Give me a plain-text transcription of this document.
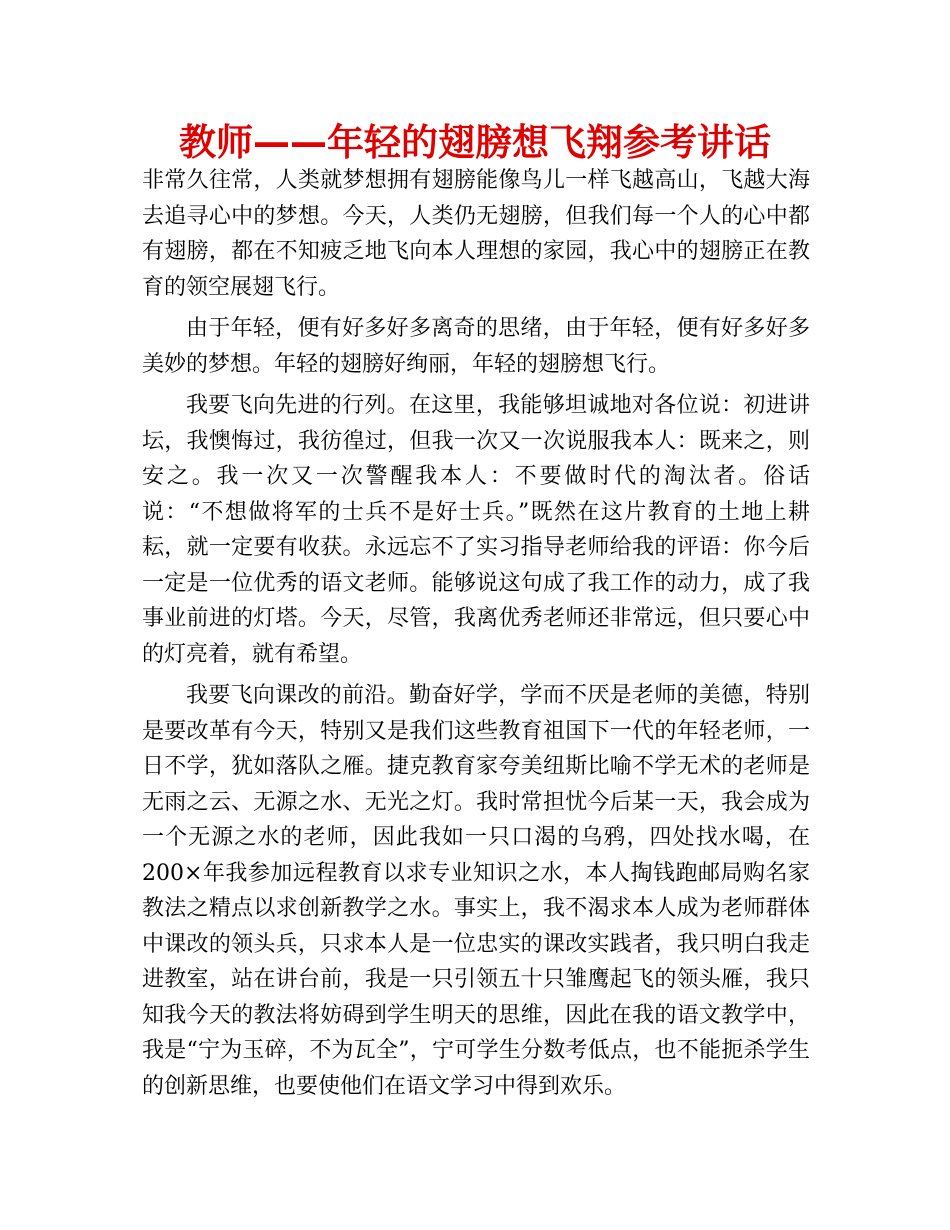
教师——年轻的翅膀想飞翔参考讲话

非常久往常，人类就梦想拥有翅膀能像鸟儿一样飞越高山，飞越大海去追寻心中的梦想。今天，人类仍无翅膀，但我们每一个人的心中都有翅膀，都在不知疲乏地飞向本人理想的家园，我心中的翅膀正在教育的领空展翅飞行。

由于年轻，便有好多好多离奇的思绪，由于年轻，便有好多好多美妙的梦想。年轻的翅膀好绚丽，年轻的翅膀想飞行。

我要飞向先进的行列。在这里，我能够坦诚地对各位说：初进讲坛，我懊悔过，我彷徨过，但我一次又一次说服我本人：既来之，则安之。我一次又一次警醒我本人：不要做时代的淘汰者。俗话说：“不想做将军的士兵不是好士兵。”既然在这片教育的土地上耕耘，就一定要有收获。永远忘不了实习指导老师给我的评语：你今后一定是一位优秀的语文老师。能够说这句成了我工作的动力，成了我事业前进的灯塔。今天，尽管，我离优秀老师还非常远，但只要心中的灯亮着，就有希望。

我要飞向课改的前沿。勤奋好学，学而不厌是老师的美德，特别是要改革有今天，特别又是我们这些教育祖国下一代的年轻老师，一日不学，犹如落队之雁。捷克教育家夸美纽斯比喻不学无术的老师是无雨之云、无源之水、无光之灯。我时常担忧今后某一天，我会成为一个无源之水的老师，因此我如一只口渴的乌鸦，四处找水喝，在200×年我参加远程教育以求专业知识之水，本人掏钱跑邮局购名家教法之精点以求创新教学之水。事实上，我不渴求本人成为老师群体中课改的领头兵，只求本人是一位忠实的课改实践者，我只明白我走进教室，站在讲台前，我是一只引领五十只雏鹰起飞的领头雁，我只知我今天的教法将妨碍到学生明天的思维，因此在我的语文教学中，我是“宁为玉碎，不为瓦全”，宁可学生分数考低点，也不能扼杀学生的创新思维，也要使他们在语文学习中得到欢乐。
